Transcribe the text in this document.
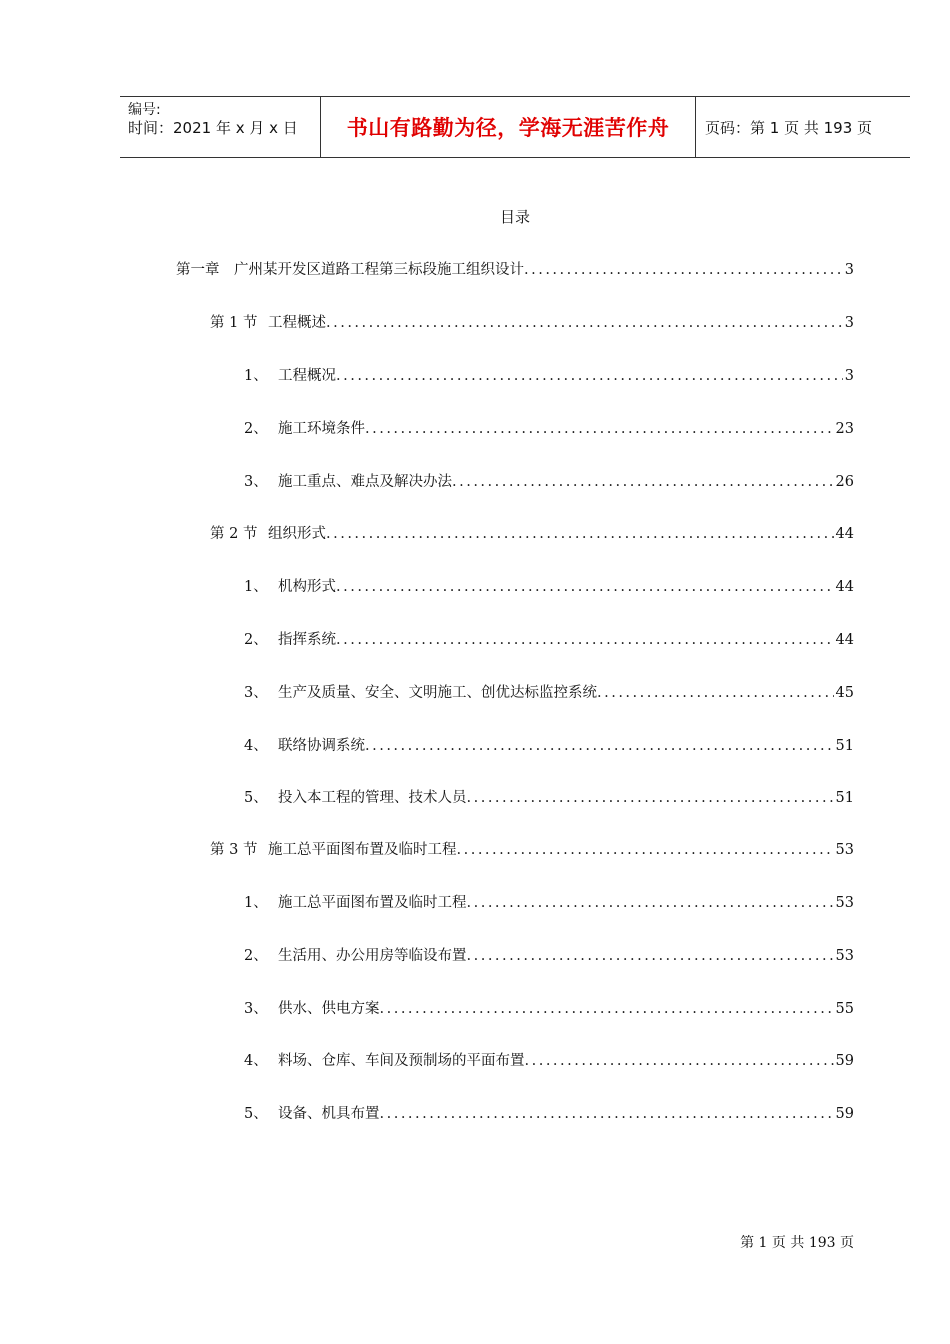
编号:
时间：2021 年 x 月 x 日 书山有路勤为径，学海无涯苦作舟 页码：第 1 页 共 193 页
目录
第一章	广州某开发区道路工程第三标段施工组织设计 .....	3
第 1 节 工程概述 .....	3
1、 工程概况 .....	3
2、 施工环境条件 .....	23
3、 施工重点、难点及解决办法 .....	26
第 2 节 组织形式 .....	44
1、 机构形式 .....	44
2、 指挥系统 .....	44
3、 生产及质量、安全、文明施工、创优达标监控系统 .....	45
4、 联络协调系统 .....	51
5、 投入本工程的管理、技术人员 .....	51
第 3 节 施工总平面图布置及临时工程 .....	53
1、 施工总平面图布置及临时工程 .....	53
2、 生活用、办公用房等临设布置 .....	53
3、 供水、供电方案 .....	55
4、 料场、仓库、车间及预制场的平面布置 .....	59
5、 设备、机具布置 .....	59
第 1 页 共 193 页
